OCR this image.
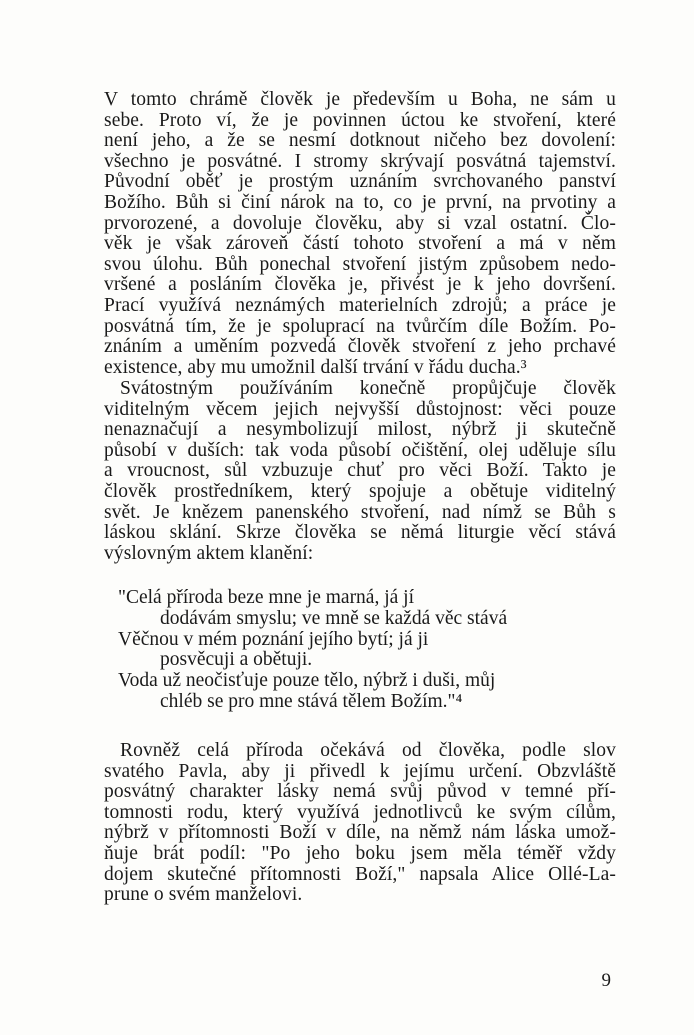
V tomto chrámě člověk je především u Boha, ne sám u
sebe. Proto ví, že je povinnen úctou ke stvoření, které
není jeho, a že se nesmí dotknout ničeho bez dovolení:
všechno je posvátné. I stromy skrývají posvátná tajemství.
Původní oběť je prostým uznáním svrchovaného panství
Božího. Bůh si činí nárok na to, co je první, na prvotiny a
prvorozené, a dovoluje člověku, aby si vzal ostatní. Člo-
věk je však zároveň částí tohoto stvoření a má v něm
svou úlohu. Bůh ponechal stvoření jistým způsobem nedo-
vršené a posláním člověka je, přivést je k jeho dovršení.
Prací využívá neznámých materielních zdrojů; a práce je
posvátná tím, že je spoluprací na tvůrčím díle Božím. Po-
znáním a uměním pozvedá člověk stvoření z jeho prchavé
existence, aby mu umožnil další trvání v řádu ducha.³
Svátostným používáním konečně propůjčuje člověk
viditelným věcem jejich nejvyšší důstojnost: věci pouze
nenaznačují a nesymbolizují milost, nýbrž ji skutečně
působí v duších: tak voda působí očištění, olej uděluje sílu
a vroucnost, sůl vzbuzuje chuť pro věci Boží. Takto je
člověk prostředníkem, který spojuje a obětuje viditelný
svět. Je knězem panenského stvoření, nad nímž se Bůh s
láskou sklání. Skrze člověka se němá liturgie věcí stává
výslovným aktem klanění:
"Celá příroda beze mne je marná, já jí
dodávám smyslu; ve mně se každá věc stává
Věčnou v mém poznání jejího bytí; já ji
posvěcuji a obětuji.
Voda už neočisťuje pouze tělo, nýbrž i duši, můj
chléb se pro mne stává tělem Božím."⁴
Rovněž celá příroda očekává od člověka, podle slov
svatého Pavla, aby ji přivedl k jejímu určení. Obzvláště
posvátný charakter lásky nemá svůj původ v temné pří-
tomnosti rodu, který využívá jednotlivců ke svým cílům,
nýbrž v přítomnosti Boží v díle, na němž nám láska umož-
ňuje brát podíl: "Po jeho boku jsem měla téměř vždy
dojem skutečné přítomnosti Boží," napsala Alice Ollé-La-
prune o svém manželovi.
9
